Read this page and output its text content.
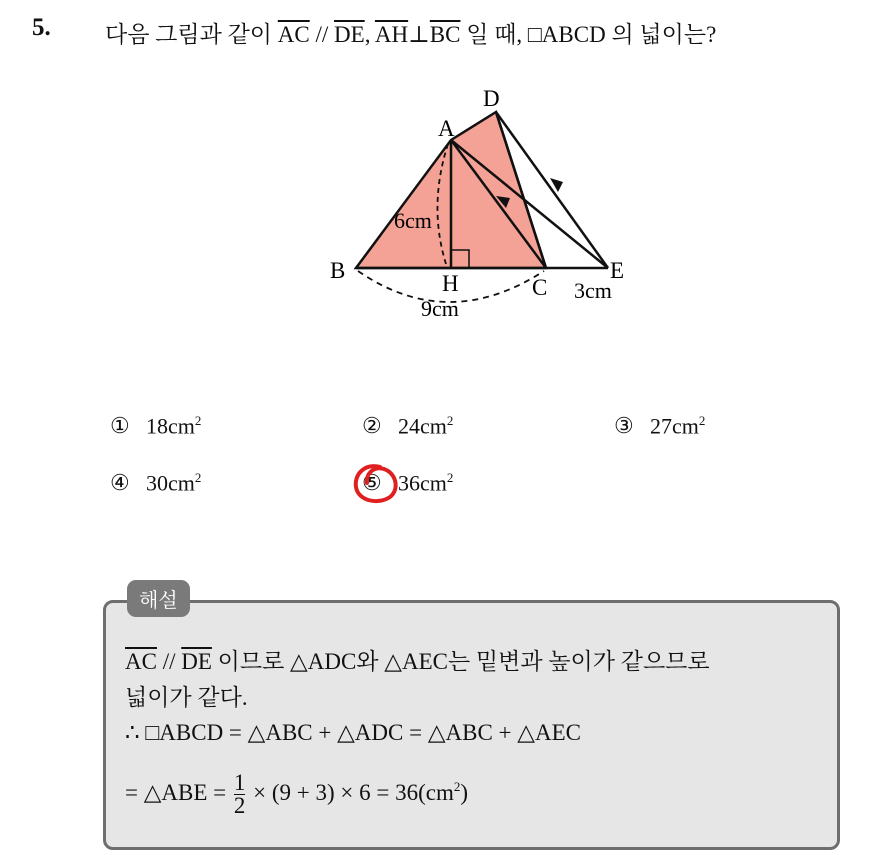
5. 다음 그림과 같이 $\overline{AC} // \overline{DE}$, $\overline{AH}\perp\overline{BC}$ 일 때, □ABCD 의 넓이는?
A
D
B
H	C
E
6cm
9cm
3cm
① $18cm^2$	② $24cm^2$	③ $27cm^2$
④ $30cm^2$	⑤ $36cm^2$
해설
$\overline{AC} // \overline{DE}$ 이므로 △ADC와 △AEC는 밑변과 높이가 같으므로
넓이가 같다.
∴ □ABCD = △ABC + △ADC = △ABC + △AEC
= △ABE = $\frac{1}{2} \times (9 + 3) \times 6 = 36(cm^2)$
